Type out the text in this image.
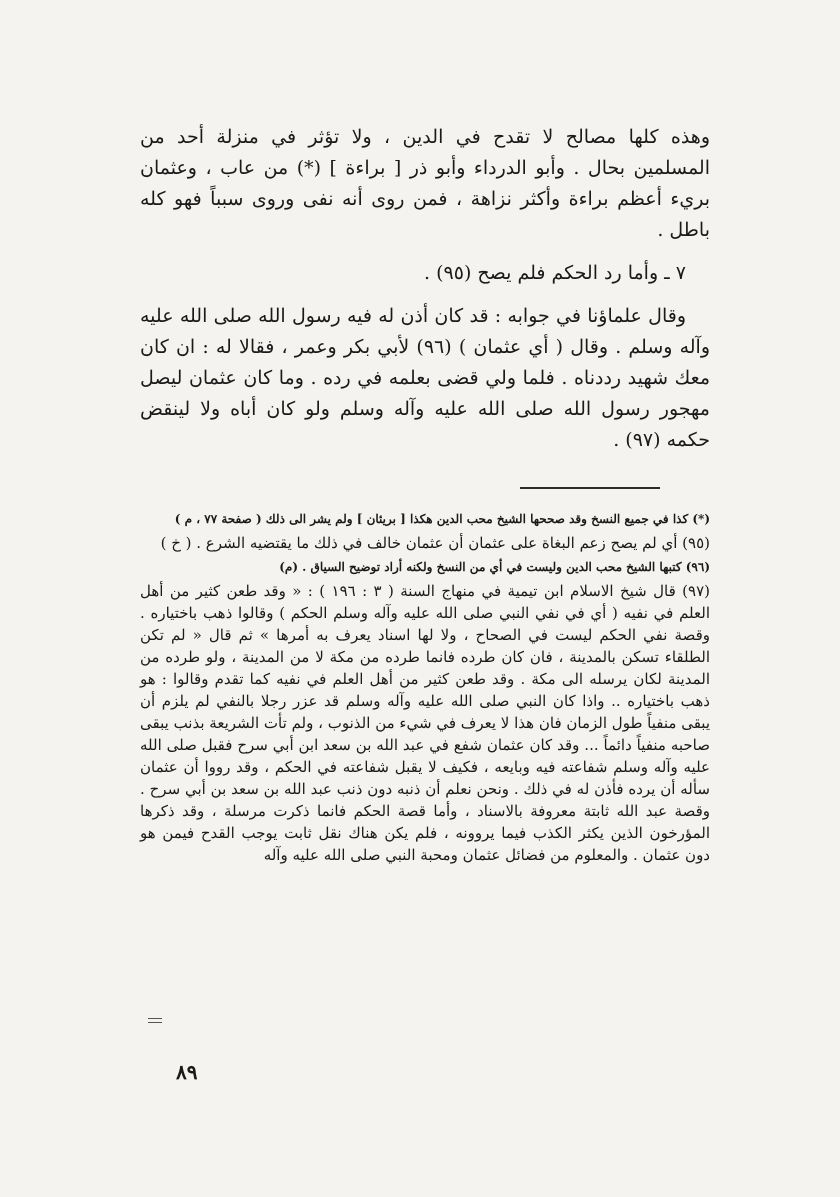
وهذه كلها مصالح لا تقدح في الدين ، ولا تؤثر في منزلة أحد من المسلمين بحال . وأبو الدرداء وأبو ذر [ براءة ] (*) من عاب ، وعثمان بريء أعظم براءة وأكثر نزاهة ، فمن روى أنه نفى وروى سبباً فهو كله باطل .

٧ ـ وأما رد الحكم فلم يصح (٩٥) .

وقال علماؤنا في جوابه : قد كان أذن له فيه رسول الله صلى الله عليه وآله وسلم . وقال ( أي عثمان ) (٩٦) لأبي بكر وعمر ، فقالا له : ان كان معك شهيد رددناه . فلما ولي قضى بعلمه في رده . وما كان عثمان ليصل مهجور رسول الله صلى الله عليه وآله وسلم ولو كان أباه ولا لينقض حكمه (٩٧) .

(*) كذا في جميع النسخ وقد صححها الشيخ محب الدين هكذا [ بريئان ] ولم يشر الى ذلك ( صفحة ٧٧ ، م )

(٩٥) أي لم يصح زعم البغاة على عثمان أن عثمان خالف في ذلك ما يقتضيه الشرع . ( خ )

(٩٦) كتبها الشيخ محب الدين وليست في أي من النسخ ولكنه أراد توضيح السياق . (م)

(٩٧) قال شيخ الاسلام ابن تيمية في منهاج السنة ( ٣ : ١٩٦ ) : « وقد طعن كثير من أهل العلم في نفيه ( أي في نفي النبي صلى الله عليه وآله وسلم الحكم ) وقالوا ذهب باختياره . وقصة نفي الحكم ليست في الصحاح ، ولا لها اسناد يعرف به أمرها » ثم قال « لم تكن الطلقاء تسكن بالمدينة ، فان كان طرده فانما طرده من مكة لا من المدينة ، ولو طرده من المدينة لكان يرسله الى مكة . وقد طعن كثير من أهل العلم في نفيه كما تقدم وقالوا : هو ذهب باختياره .. واذا كان النبي صلى الله عليه وآله وسلم قد عزر رجلا بالنفي لم يلزم أن يبقى منفياً طول الزمان فان هذا لا يعرف في شيء من الذنوب ، ولم تأت الشريعة بذنب يبقى صاحبه منفياً دائماً ... وقد كان عثمان شفع في عبد الله بن سعد ابن أبي سرح فقبل صلى الله عليه وآله وسلم شفاعته فيه وبايعه ، فكيف لا يقبل شفاعته في الحكم ، وقد رووا أن عثمان سأله أن يرده فأذن له في ذلك . ونحن نعلم أن ذنبه دون ذنب عبد الله بن سعد بن أبي سرح . وقصة عبد الله ثابتة معروفة بالاسناد ، وأما قصة الحكم فانما ذكرت مرسلة ، وقد ذكرها المؤرخون الذين يكثر الكذب فيما يروونه ، فلم يكن هناك نقل ثابت يوجب القدح فيمن هو دون عثمان . والمعلوم من فضائل عثمان ومحبة النبي صلى الله عليه وآله

٨٩
